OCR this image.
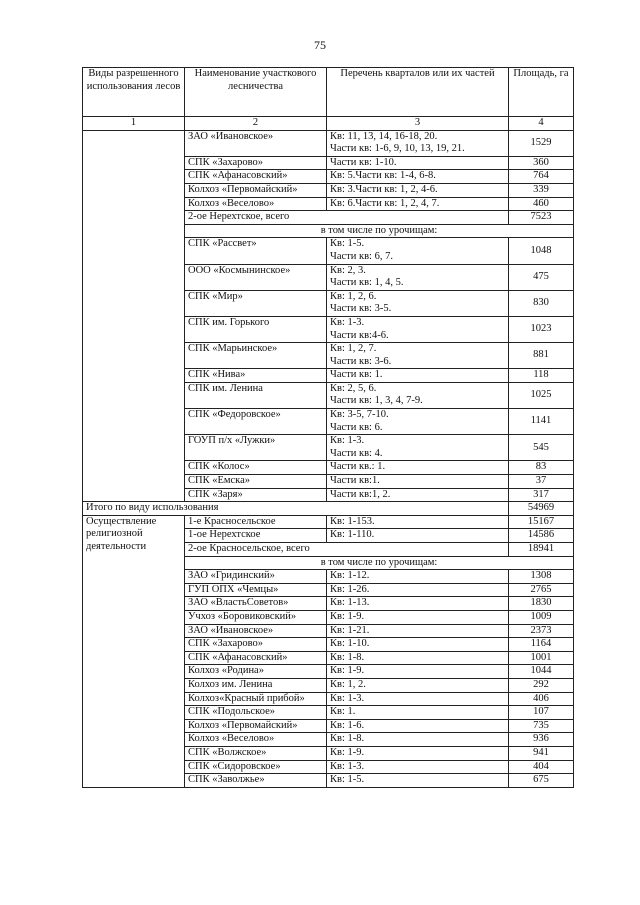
75
Виды разрешенного использования лесов	Наименование участкового лесничества	Перечень кварталов или их частей	Площадь, га
1	2	3	4
	ЗАО «Ивановское»	Кв: 11, 13, 14, 16-18, 20.
Части кв: 1-6, 9, 10, 13, 19, 21.	1529
	СПК «Захарово»	Части кв: 1-10.	360
	СПК «Афанасовский»	Кв: 5.Части кв: 1-4, 6-8.	764
	Колхоз «Первомайский»	Кв: 3.Части кв: 1, 2, 4-6.	339
	Колхоз «Веселово»	Кв: 6.Части кв: 1, 2, 4, 7.	460
	2-ое Нерехтское, всего		7523
	в том числе по урочищам:		
	СПК «Рассвет»	Кв: 1-5.
Части кв: 6, 7.	1048
	ООО «Космынинское»	Кв: 2, 3.
Части кв: 1, 4, 5.	475
	СПК «Мир»	Кв: 1, 2, 6.
Части кв: 3-5.	830
	СПК им. Горького	Кв: 1-3.
Части кв:4-6.	1023
	СПК «Марьинское»	Кв: 1, 2, 7.
Части кв: 3-6.	881
	СПК «Нива»	Части кв: 1.	118
	СПК им. Ленина	Кв: 2, 5, 6.
Части кв: 1, 3, 4, 7-9.	1025
	СПК «Федоровское»	Кв: 3-5, 7-10.
Части кв: 6.	1141
	ГОУП п/х «Лужки»	Кв: 1-3.
Части кв: 4.	545
	СПК «Колос»	Части кв.: 1.	83
	СПК «Емска»	Части кв:1.	37
	СПК «Заря»	Части кв:1, 2.	317
Итого по виду использования			54969
Осуществление религиозной деятельности	1-е Красносельское	Кв: 1-153.	15167
	1-ое Нерехтское	Кв: 1-110.	14586
	2-ое Красносельское, всего		18941
	в том числе по урочищам:		
	ЗАО «Гридинский»	Кв: 1-12.	1308
	ГУП ОПХ «Чемцы»	Кв: 1-26.	2765
	ЗАО «ВластьСоветов»	Кв: 1-13.	1830
	Учхоз «Боровиковский»	Кв: 1-9.	1009
	ЗАО «Ивановское»	Кв: 1-21.	2373
	СПК «Захарово»	Кв: 1-10.	1164
	СПК «Афанасовский»	Кв: 1-8.	1001
	Колхоз «Родина»	Кв: 1-9.	1044
	Колхоз им. Ленина	Кв: 1, 2.	292
	Колхоз«Красный прибой»	Кв: 1-3.	406
	СПК «Подольское»	Кв: 1.	107
	Колхоз «Первомайский»	Кв: 1-6.	735
	Колхоз «Веселово»	Кв: 1-8.	936
	СПК «Волжское»	Кв: 1-9.	941
	СПК «Сидоровское»	Кв: 1-3.	404
	СПК «Заволжье»	Кв: 1-5.	675
